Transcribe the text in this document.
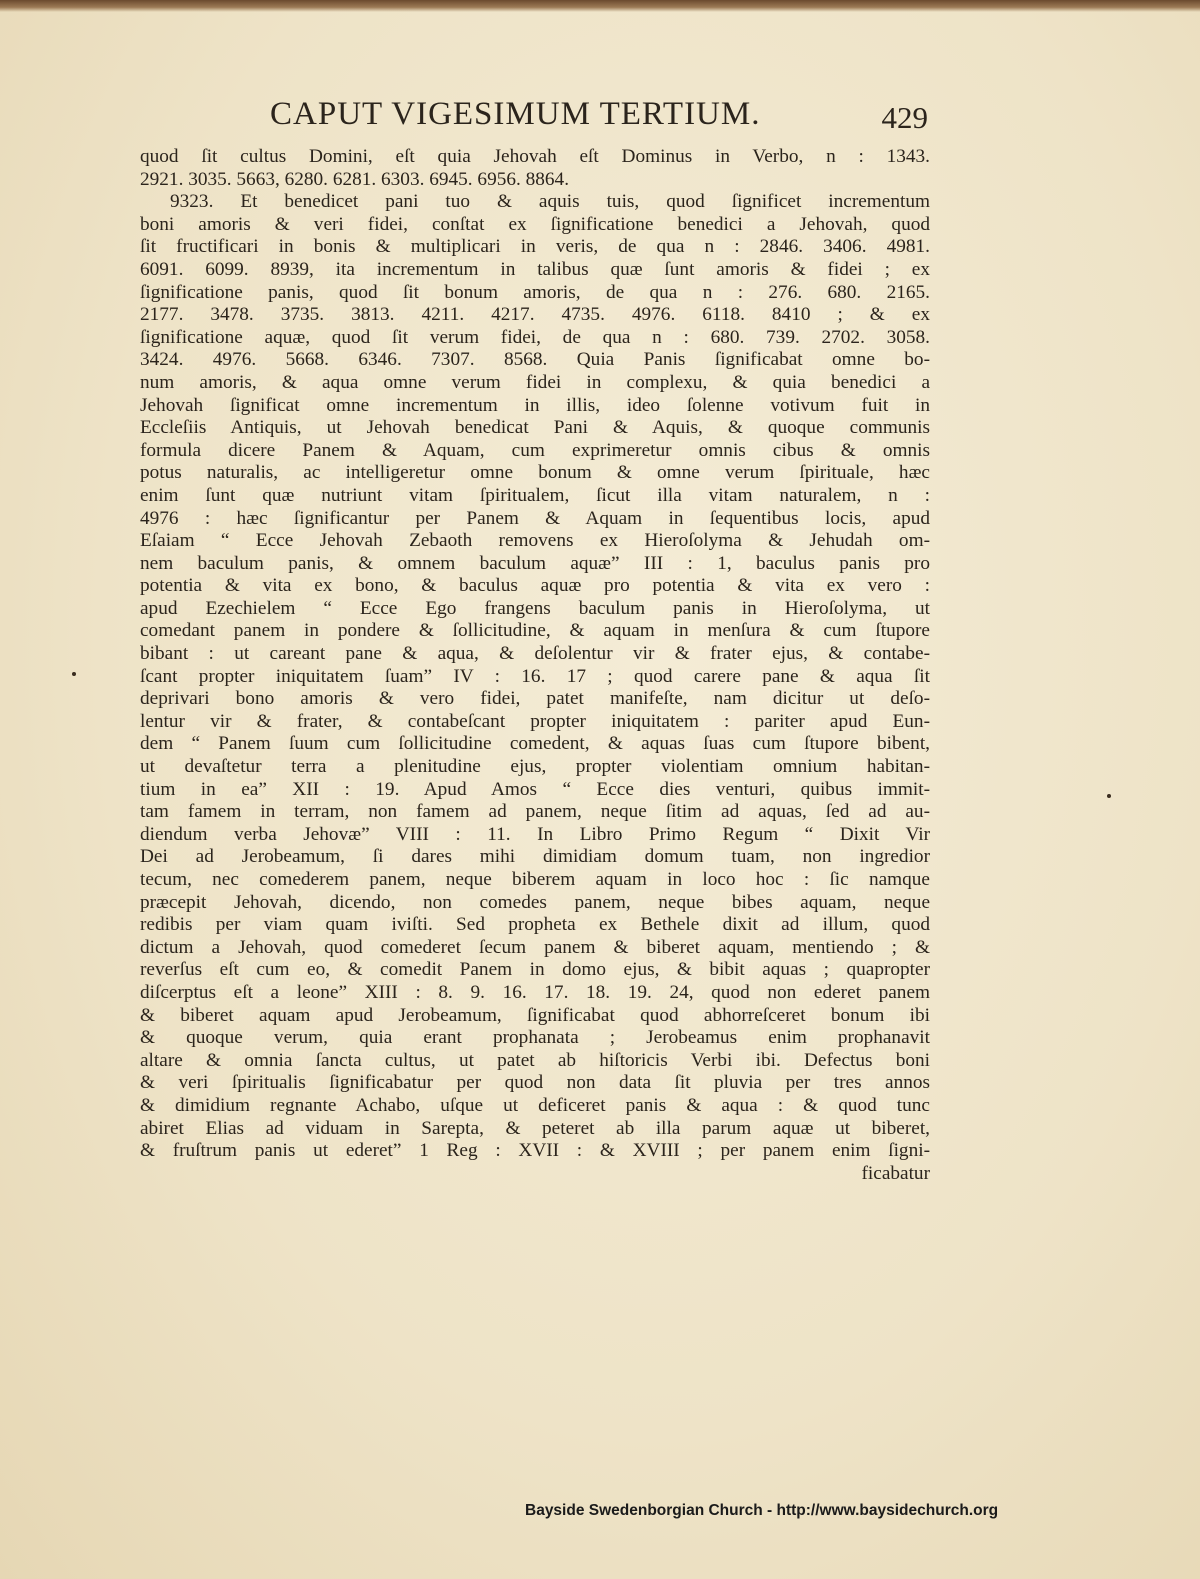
CAPUT VIGESIMUM TERTIUM.	429
quod ſit cultus Domini, eſt quia Jehovah eſt Dominus in Verbo, n : 1343.
2921. 3035. 5663, 6280. 6281. 6303. 6945. 6956. 8864.
9323. Et benedicet pani tuo & aquis tuis, quod ſignificet incrementum
boni amoris & veri fidei, conſtat ex ſignificatione benedici a Jehovah, quod
ſit fructificari in bonis & multiplicari in veris, de qua n : 2846. 3406. 4981.
6091. 6099. 8939, ita incrementum in talibus quæ ſunt amoris & fidei ; ex
ſignificatione panis, quod ſit bonum amoris, de qua n : 276. 680. 2165.
2177. 3478. 3735. 3813. 4211. 4217. 4735. 4976. 6118. 8410 ; & ex
ſignificatione aquæ, quod ſit verum fidei, de qua n : 680. 739. 2702. 3058.
3424. 4976. 5668. 6346. 7307. 8568. Quia Panis ſignificabat omne bo-
num amoris, & aqua omne verum fidei in complexu, & quia benedici a
Jehovah ſignificat omne incrementum in illis, ideo ſolenne votivum fuit in
Eccleſiis Antiquis, ut Jehovah benedicat Pani & Aquis, & quoque communis
formula dicere Panem & Aquam, cum exprimeretur omnis cibus & omnis
potus naturalis, ac intelligeretur omne bonum & omne verum ſpirituale, hæc
enim ſunt quæ nutriunt vitam ſpiritualem, ſicut illa vitam naturalem, n :
4976 : hæc ſignificantur per Panem & Aquam in ſequentibus locis, apud
Eſaiam “ Ecce Jehovah Zebaoth removens ex Hieroſolyma & Jehudah om-
nem baculum panis, & omnem baculum aquæ” III : 1, baculus panis pro
potentia & vita ex bono, & baculus aquæ pro potentia & vita ex vero :
apud Ezechielem “ Ecce Ego frangens baculum panis in Hieroſolyma, ut
comedant panem in pondere & ſollicitudine, & aquam in menſura & cum ſtupore
bibant : ut careant pane & aqua, & deſolentur vir & frater ejus, & contabe-
ſcant propter iniquitatem ſuam” IV : 16. 17 ; quod carere pane & aqua ſit
deprivari bono amoris & vero fidei, patet manifeſte, nam dicitur ut deſo-
lentur vir & frater, & contabeſcant propter iniquitatem : pariter apud Eun-
dem “ Panem ſuum cum ſollicitudine comedent, & aquas ſuas cum ſtupore bibent,
ut devaſtetur terra a plenitudine ejus, propter violentiam omnium habitan-
tium in ea” XII : 19. Apud Amos “ Ecce dies venturi, quibus immit-
tam famem in terram, non famem ad panem, neque ſitim ad aquas, ſed ad au-
diendum verba Jehovæ” VIII : 11. In Libro Primo Regum “ Dixit Vir
Dei ad Jerobeamum, ſi dares mihi dimidiam domum tuam, non ingredior
tecum, nec comederem panem, neque biberem aquam in loco hoc : ſic namque
præcepit Jehovah, dicendo, non comedes panem, neque bibes aquam, neque
redibis per viam quam iviſti. Sed propheta ex Bethele dixit ad illum, quod
dictum a Jehovah, quod comederet ſecum panem & biberet aquam, mentiendo ; &
reverſus eſt cum eo, & comedit Panem in domo ejus, & bibit aquas ; quapropter
diſcerptus eſt a leone” XIII : 8. 9. 16. 17. 18. 19. 24, quod non ederet panem
& biberet aquam apud Jerobeamum, ſignificabat quod abhorreſceret bonum ibi
& quoque verum, quia erant prophanata ; Jerobeamus enim prophanavit
altare & omnia ſancta cultus, ut patet ab hiſtoricis Verbi ibi. Defectus boni
& veri ſpiritualis ſignificabatur per quod non data ſit pluvia per tres annos
& dimidium regnante Achabo, uſque ut deficeret panis & aqua : & quod tunc
abiret Elias ad viduam in Sarepta, & peteret ab illa parum aquæ ut biberet,
& fruſtrum panis ut ederet” 1 Reg : XVII : & XVIII ; per panem enim ſigni-
ficabatur
Bayside Swedenborgian Church - http://www.baysidechurch.org
